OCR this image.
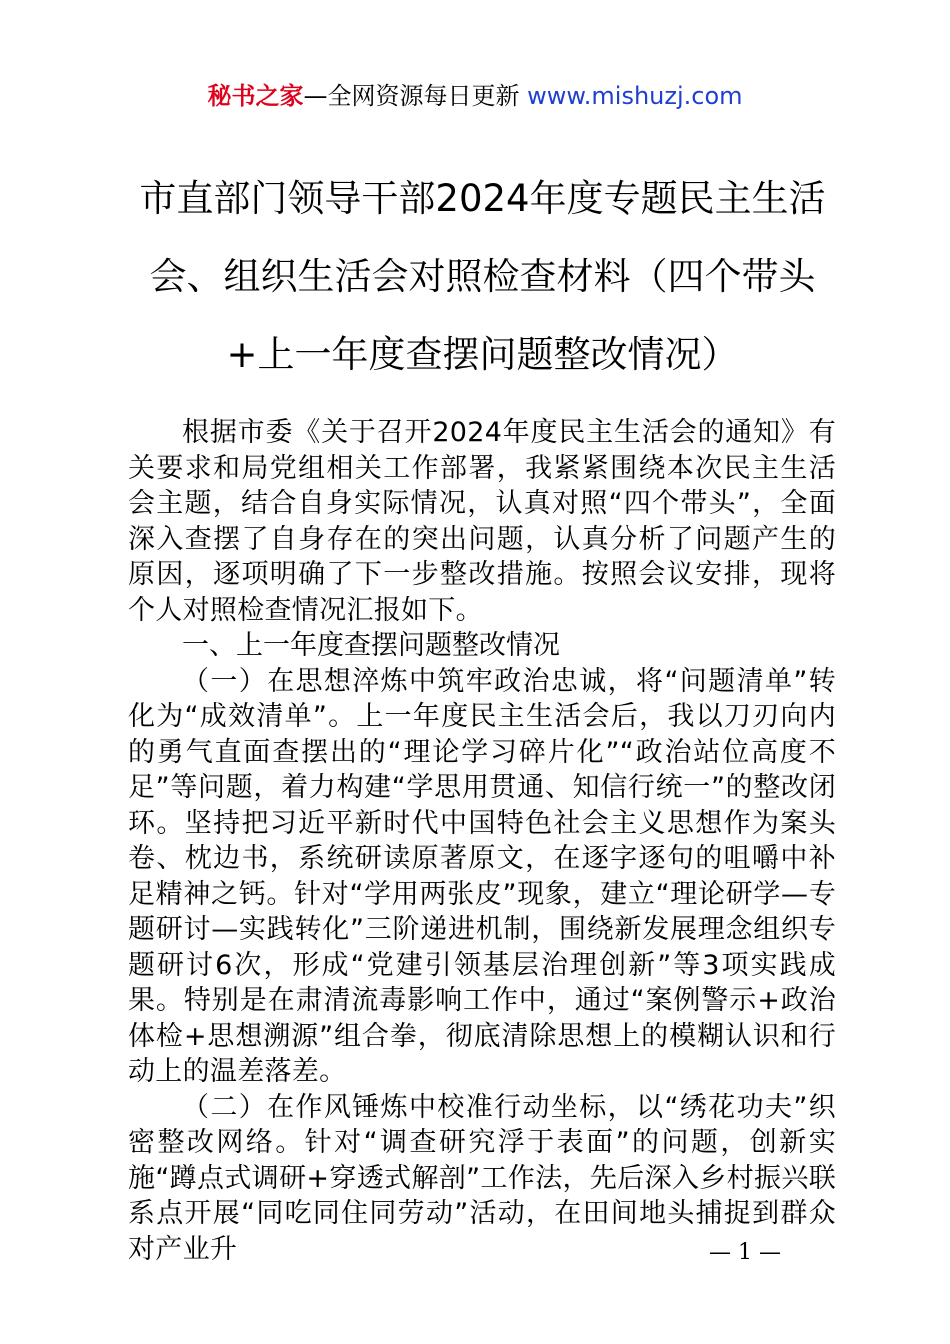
秘书之家—全网资源每日更新 www.mishuzj.com
市直部门领导干部2024年度专题民主生活会、组织生活会对照检查材料（四个带头+上一年度查摆问题整改情况）

根据市委《关于召开2024年度民主生活会的通知》有关要求和局党组相关工作部署，我紧紧围绕本次民主生活会主题，结合自身实际情况，认真对照“四个带头”，全面深入查摆了自身存在的突出问题，认真分析了问题产生的原因，逐项明确了下一步整改措施。按照会议安排，现将个人对照检查情况汇报如下。

一、上一年度查摆问题整改情况

（一）在思想淬炼中筑牢政治忠诚，将“问题清单”转化为“成效清单”。上一年度民主生活会后，我以刀刃向内的勇气直面查摆出的“理论学习碎片化”“政治站位高度不足”等问题，着力构建“学思用贯通、知信行统一”的整改闭环。坚持把习近平新时代中国特色社会主义思想作为案头卷、枕边书，系统研读原著原文，在逐字逐句的咀嚼中补足精神之钙。针对“学用两张皮”现象，建立“理论研学—专题研讨—实践转化”三阶递进机制，围绕新发展理念组织专题研讨6次，形成“党建引领基层治理创新”等3项实践成果。特别是在肃清流毒影响工作中，通过“案例警示+政治体检+思想溯源”组合拳，彻底清除思想上的模糊认识和行动上的温差落差。

（二）在作风锤炼中校准行动坐标，以“绣花功夫”织密整改网络。针对“调查研究浮于表面”的问题，创新实施“蹲点式调研+穿透式解剖”工作法，先后深入乡村振兴联系点开展“同吃同住同劳动”活动，在田间地头捕捉到群众对产业升	— 1 —
